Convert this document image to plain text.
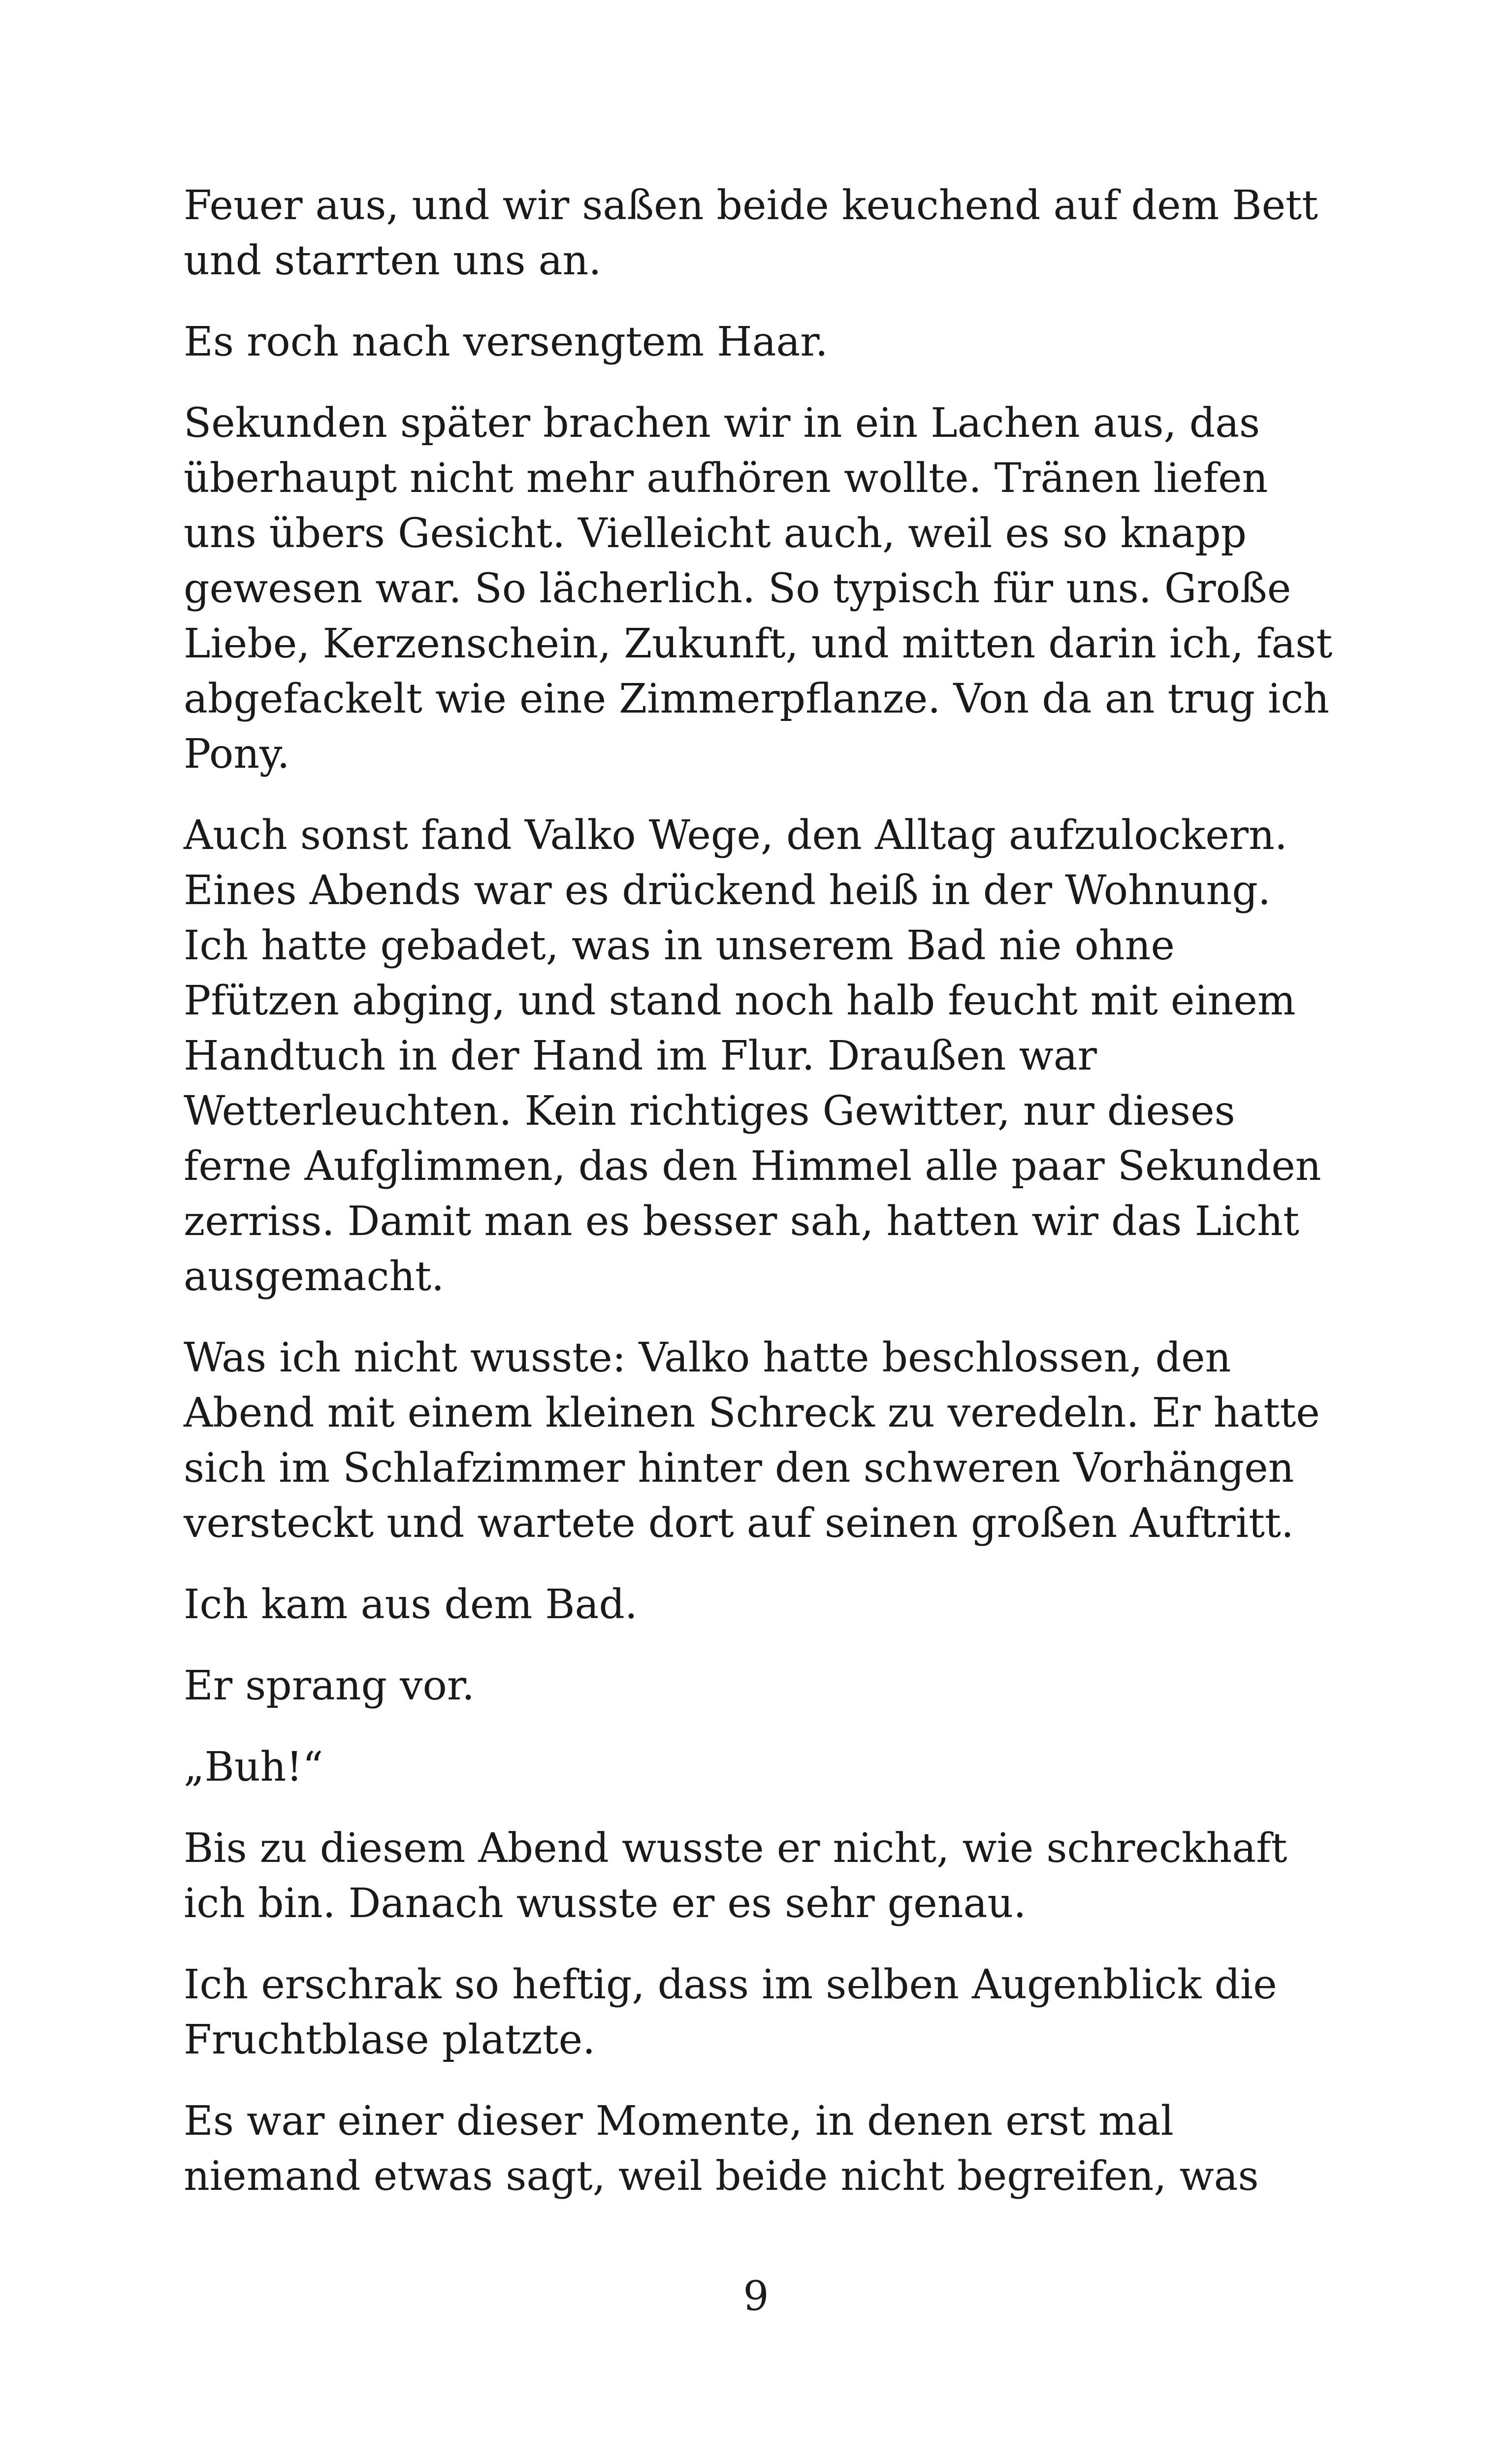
Feuer aus, und wir saßen beide keuchend auf dem Bett und starrten uns an.

Es roch nach versengtem Haar.

Sekunden später brachen wir in ein Lachen aus, das überhaupt nicht mehr aufhören wollte. Tränen liefen uns übers Gesicht. Vielleicht auch, weil es so knapp gewesen war. So lächerlich. So typisch für uns. Große Liebe, Kerzenschein, Zukunft, und mitten darin ich, fast abgefackelt wie eine Zimmerpflanze. Von da an trug ich Pony.

Auch sonst fand Valko Wege, den Alltag aufzulockern. Eines Abends war es drückend heiß in der Wohnung. Ich hatte gebadet, was in unserem Bad nie ohne Pfützen abging, und stand noch halb feucht mit einem Handtuch in der Hand im Flur. Draußen war Wetterleuchten. Kein richtiges Gewitter, nur dieses ferne Aufglimmen, das den Himmel alle paar Sekunden zerriss. Damit man es besser sah, hatten wir das Licht ausgemacht.

Was ich nicht wusste: Valko hatte beschlossen, den Abend mit einem kleinen Schreck zu veredeln. Er hatte sich im Schlafzimmer hinter den schweren Vorhängen versteckt und wartete dort auf seinen großen Auftritt.

Ich kam aus dem Bad.

Er sprang vor.

„Buh!“

Bis zu diesem Abend wusste er nicht, wie schreckhaft ich bin. Danach wusste er es sehr genau.

Ich erschrak so heftig, dass im selben Augenblick die Fruchtblase platzte.

Es war einer dieser Momente, in denen erst mal niemand etwas sagt, weil beide nicht begreifen, was

9
